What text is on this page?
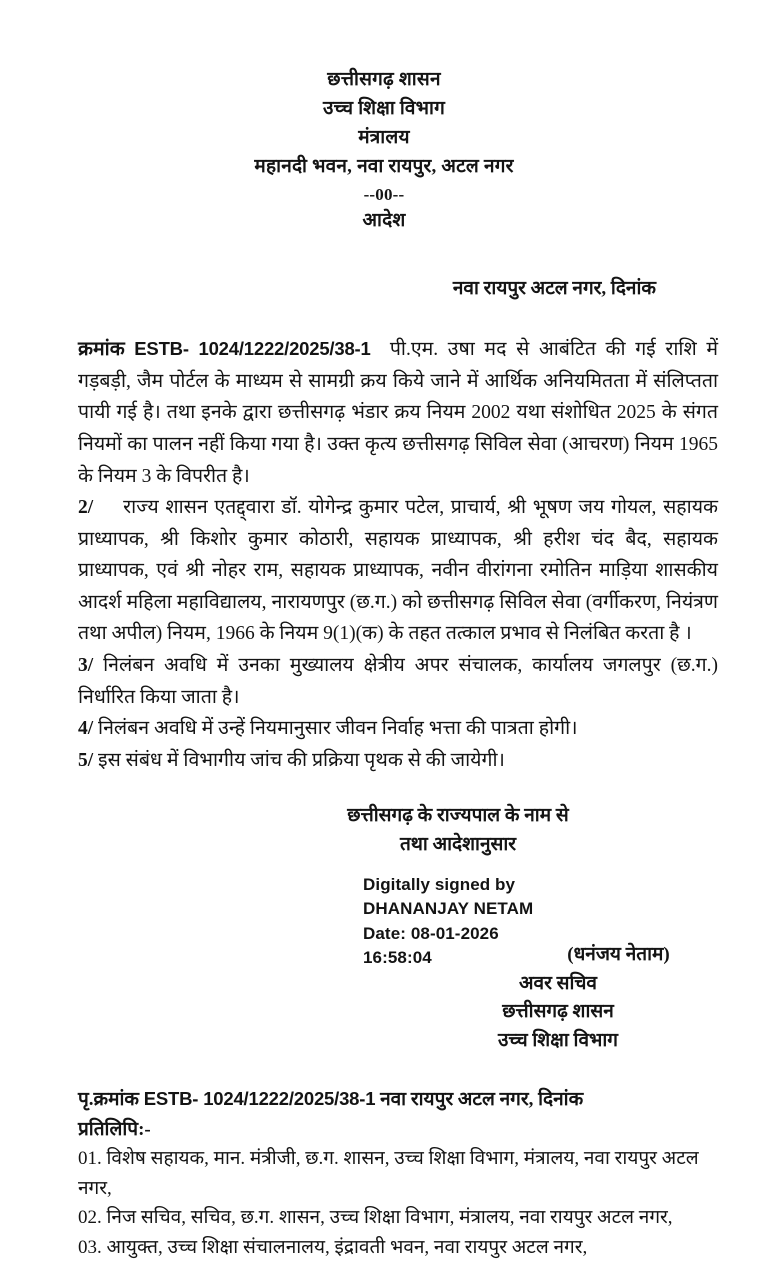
छत्तीसगढ़ शासन
उच्च शिक्षा विभाग
मंत्रालय
महानदी भवन, नवा रायपुर, अटल नगर
--00--
आदेश
नवा रायपुर अटल नगर, दिनांक

क्रमांक ESTB- 1024/1222/2025/38-1 पी.एम. उषा मद से आबंटित की गई राशि में गड़बड़ी, जैम पोर्टल के माध्यम से सामग्री क्रय किये जाने में आर्थिक अनियमितता में संलिप्तता पायी गई है। तथा इनके द्वारा छत्तीसगढ़ भंडार क्रय नियम 2002 यथा संशोधित 2025 के संगत नियमों का पालन नहीं किया गया है। उक्त कृत्य छत्तीसगढ़ सिविल सेवा (आचरण) नियम 1965 के नियम 3 के विपरीत है।

2/ राज्य शासन एतद्द्वारा डॉ. योगेन्द्र कुमार पटेल, प्राचार्य, श्री भूषण जय गोयल, सहायक प्राध्यापक, श्री किशोर कुमार कोठारी, सहायक प्राध्यापक, श्री हरीश चंद बैद, सहायक प्राध्यापक, एवं श्री नोहर राम, सहायक प्राध्यापक, नवीन वीरांगना रमोतिन माड़िया शासकीय आदर्श महिला महाविद्यालय, नारायणपुर (छ.ग.) को छत्तीसगढ़ सिविल सेवा (वर्गीकरण, नियंत्रण तथा अपील) नियम, 1966 के नियम 9(1)(क) के तहत तत्काल प्रभाव से निलंबित करता है ।

3/ निलंबन अवधि में उनका मुख्यालय क्षेत्रीय अपर संचालक, कार्यालय जगलपुर (छ.ग.) निर्धारित किया जाता है।

4/ निलंबन अवधि में उन्हें नियमानुसार जीवन निर्वाह भत्ता की पात्रता होगी।

5/ इस संबंध में विभागीय जांच की प्रक्रिया पृथक से की जायेगी।

छत्तीसगढ़ के राज्यपाल के नाम से
तथा आदेशानुसार
Digitally signed by
DHANANJAY NETAM
Date: 08-01-2026
16:58:04	(धनंजय नेताम)
अवर सचिव
छत्तीसगढ़ शासन
उच्च शिक्षा विभाग
पृ.क्रमांक ESTB- 1024/1222/2025/38-1 नवा रायपुर अटल नगर, दिनांक
प्रतिलिपि:-
01. विशेष सहायक, मान. मंत्रीजी, छ.ग. शासन, उच्च शिक्षा विभाग, मंत्रालय, नवा रायपुर अटल नगर,
02. निज सचिव, सचिव, छ.ग. शासन, उच्च शिक्षा विभाग, मंत्रालय, नवा रायपुर अटल नगर,
03. आयुक्त, उच्च शिक्षा संचालनालय, इंद्रावती भवन, नवा रायपुर अटल नगर,
